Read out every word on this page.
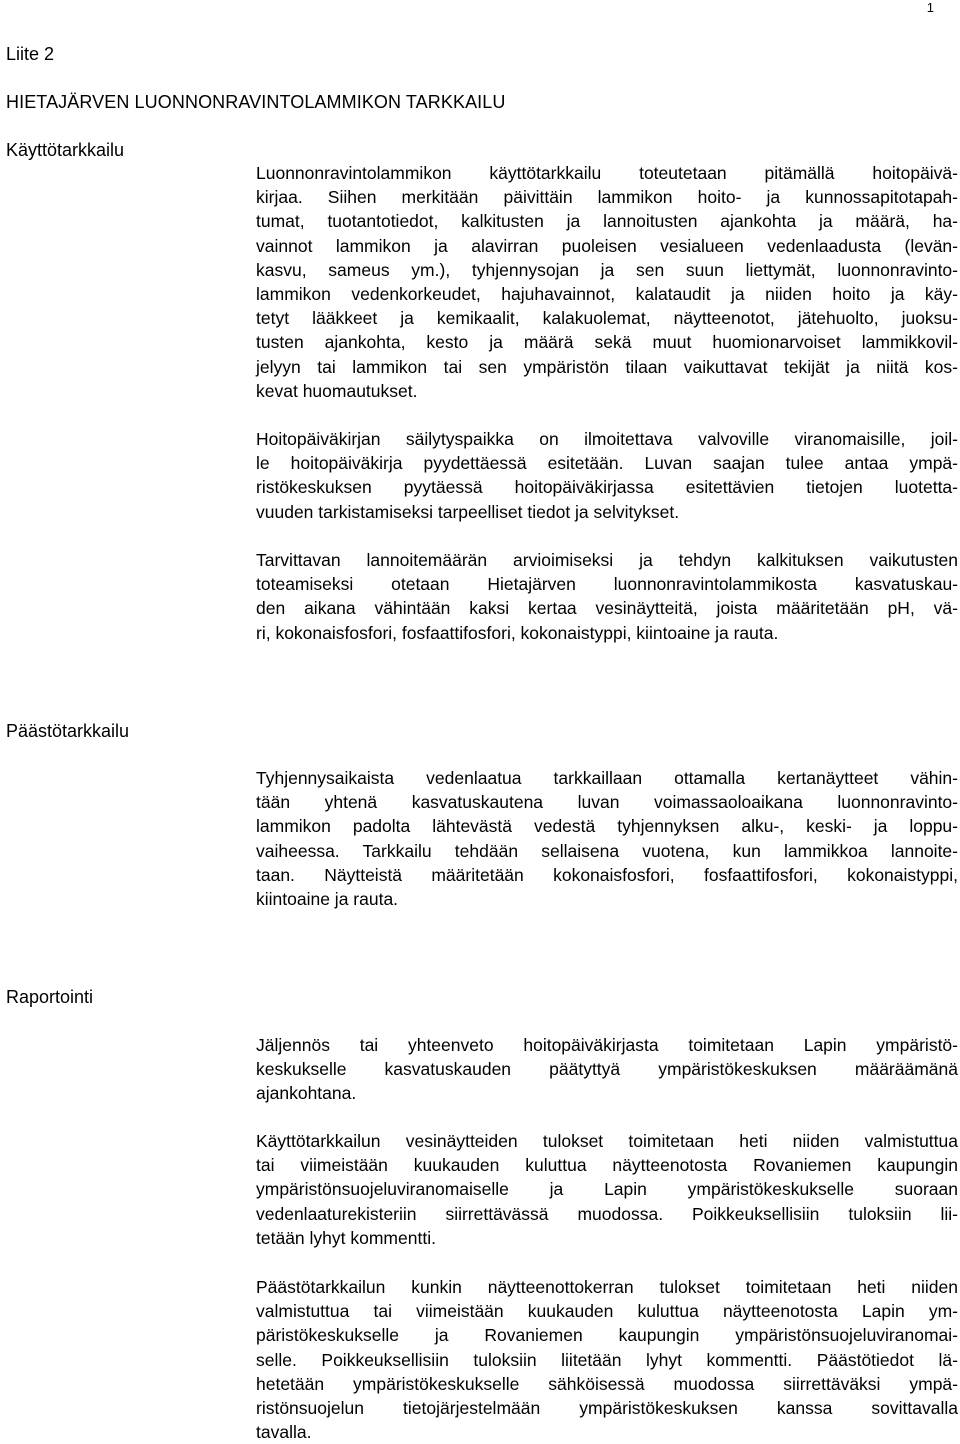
1
Liite 2
HIETAJÄRVEN LUONNONRAVINTOLAMMIKON TARKKAILU
Käyttötarkkailu

Luonnonravintolammikon käyttötarkkailu toteutetaan pitämällä hoitopäivä-

kirjaa. Siihen merkitään päivittäin lammikon hoito- ja kunnossapitotapah-

tumat, tuotantotiedot, kalkitusten ja lannoitusten ajankohta ja määrä, ha-

vainnot lammikon ja alavirran puoleisen vesialueen vedenlaadusta (levän-

kasvu, sameus ym.), tyhjennysojan ja sen suun liettymät, luonnonravinto-

lammikon vedenkorkeudet, hajuhavainnot, kalataudit ja niiden hoito ja käy-

tetyt lääkkeet ja kemikaalit, kalakuolemat, näytteenotot, jätehuolto, juoksu-

tusten ajankohta, kesto ja määrä sekä muut huomionarvoiset lammikkovil-

jelyyn tai lammikon tai sen ympäristön tilaan vaikuttavat tekijät ja niitä kos-

kevat huomautukset.

Hoitopäiväkirjan säilytyspaikka on ilmoitettava valvoville viranomaisille, joil-

le hoitopäiväkirja pyydettäessä esitetään. Luvan saajan tulee antaa ympä-

ristökeskuksen pyytäessä hoitopäiväkirjassa esitettävien tietojen luotetta-

vuuden tarkistamiseksi tarpeelliset tiedot ja selvitykset.

Tarvittavan lannoitemäärän arvioimiseksi ja tehdyn kalkituksen vaikutusten

toteamiseksi otetaan Hietajärven luonnonravintolammikosta kasvatuskau-

den aikana vähintään kaksi kertaa vesinäytteitä, joista määritetään pH, vä-

ri, kokonaisfosfori, fosfaattifosfori, kokonaistyppi, kiintoaine ja rauta.

Päästötarkkailu

Tyhjennysaikaista vedenlaatua tarkkaillaan ottamalla kertanäytteet vähin-

tään yhtenä kasvatuskautena luvan voimassaoloaikana luonnonravinto-

lammikon padolta lähtevästä vedestä tyhjennyksen alku-, keski- ja loppu-

vaiheessa. Tarkkailu tehdään sellaisena vuotena, kun lammikkoa lannoite-

taan. Näytteistä määritetään kokonaisfosfori, fosfaattifosfori, kokonaistyppi,

kiintoaine ja rauta.

Raportointi

Jäljennös tai yhteenveto hoitopäiväkirjasta toimitetaan Lapin ympäristö-

keskukselle kasvatuskauden päätyttyä ympäristökeskuksen määräämänä

ajankohtana.

Käyttötarkkailun vesinäytteiden tulokset toimitetaan heti niiden valmistuttua

tai viimeistään kuukauden kuluttua näytteenotosta Rovaniemen kaupungin

ympäristönsuojeluviranomaiselle ja Lapin ympäristökeskukselle suoraan

vedenlaaturekisteriin siirrettävässä muodossa. Poikkeuksellisiin tuloksiin lii-

tetään lyhyt kommentti.

Päästötarkkailun kunkin näytteenottokerran tulokset toimitetaan heti niiden

valmistuttua tai viimeistään kuukauden kuluttua näytteenotosta Lapin ym-

päristökeskukselle ja Rovaniemen kaupungin ympäristönsuojeluviranomai-

selle. Poikkeuksellisiin tuloksiin liitetään lyhyt kommentti. Päästötiedot lä-

hetetään ympäristökeskukselle sähköisessä muodossa siirrettäväksi ympä-

ristönsuojelun tietojärjestelmään ympäristökeskuksen kanssa sovittavalla

tavalla.
